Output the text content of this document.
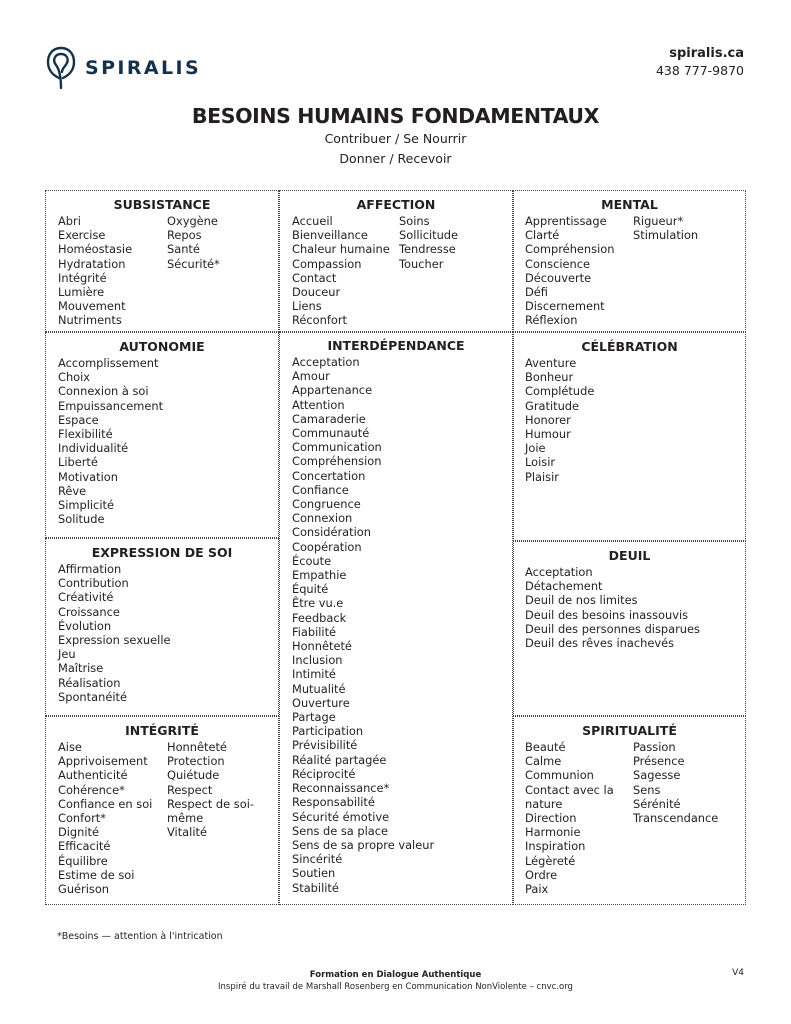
SPIRALIS
spiralis.ca
438 777-9870
BESOINS HUMAINS FONDAMENTAUX
Contribuer / Se Nourrir
Donner / Recevoir
SUBSISTANCE
Abri
Exercise
Homéostasie
Hydratation
Intégrité
Lumière
Mouvement
Nutriments
Oxygène
Repos
Santé
Sécurité*
AUTONOMIE
Accomplissement
Choix
Connexion à soi
Empuissancement
Espace
Flexibilité
Individualité
Liberté
Motivation
Rêve
Simplicité
Solitude
EXPRESSION DE SOI
Affirmation
Contribution
Créativité
Croissance
Évolution
Expression sexuelle
Jeu
Maîtrise
Réalisation
Spontanéité
INTÉGRITÉ
Aise
Apprivoisement
Authenticité
Cohérence*
Confiance en soi
Confort*
Dignité
Efficacité
Équilibre
Estime de soi
Guérison
Honnêteté
Protection
Quiétude
Respect
Respect de soi-même
Vitalité
AFFECTION
Accueil
Bienveillance
Chaleur humaine
Compassion
Contact
Douceur
Liens
Réconfort
Soins
Sollicitude
Tendresse
Toucher
INTERDÉPENDANCE
Acceptation
Amour
Appartenance
Attention
Camaraderie
Communauté
Communication
Compréhension
Concertation
Confiance
Congruence
Connexion
Considération
Coopération
Écoute
Empathie
Équité
Être vu.e
Feedback
Fiabilité
Honnêteté
Inclusion
Intimité
Mutualité
Ouverture
Partage
Participation
Prévisibilité
Réalité partagée
Réciprocité
Reconnaissance*
Responsabilité
Sécurité émotive
Sens de sa place
Sens de sa propre valeur
Sincérité
Soutien
Stabilité
MENTAL
Apprentissage
Clarté
Compréhension
Conscience
Découverte
Défi
Discernement
Réflexion
Rigueur*
Stimulation
CÉLÉBRATION
Aventure
Bonheur
Complétude
Gratitude
Honorer
Humour
Joie
Loisir
Plaisir
DEUIL
Acceptation
Détachement
Deuil de nos limites
Deuil des besoins inassouvis
Deuil des personnes disparues
Deuil des rêves inachevés
SPIRITUALITÉ
Beauté
Calme
Communion
Contact avec la nature
Direction
Harmonie
Inspiration
Légèreté
Ordre
Paix
Passion
Présence
Sagesse
Sens
Sérénité
Transcendance
*Besoins — attention à l'intrication
Formation en Dialogue Authentique
Inspiré du travail de Marshall Rosenberg en Communication NonViolente – cnvc.org
V4
